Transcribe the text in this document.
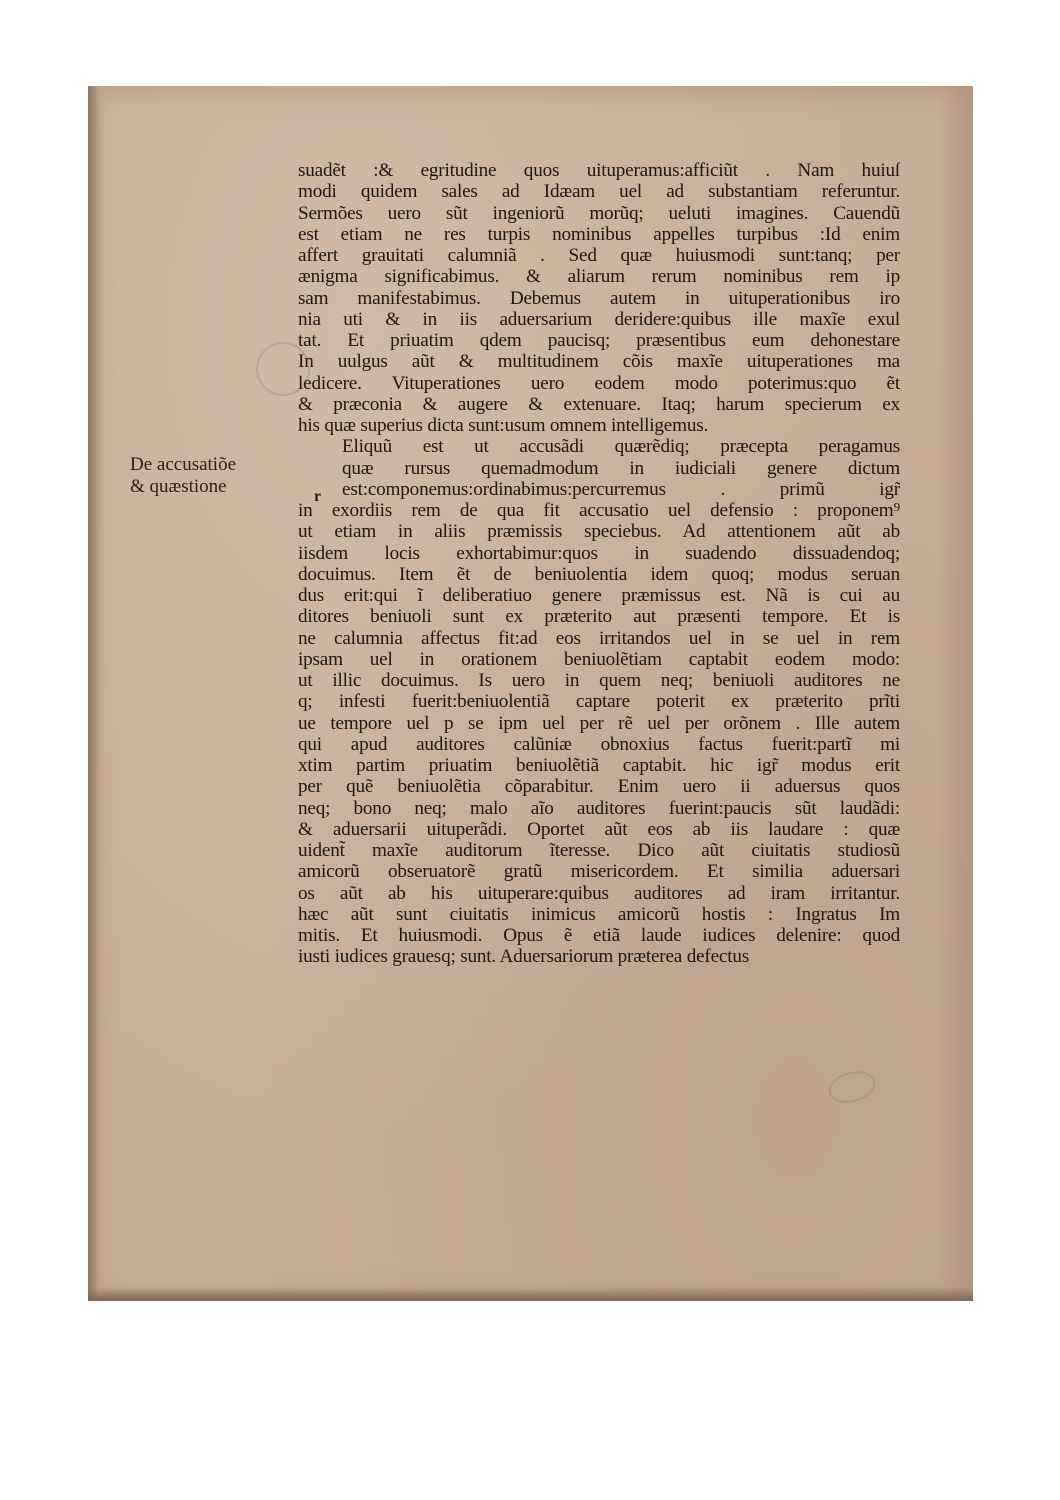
De accusatiõe
& quæstione	r
suadẽt :& egritudine quos uituperamus:afficiũt . Nam huiuſ
modi quidem sales ad Idæam uel ad substantiam referuntur.
Sermões uero sũt ingeniorũ morũq; ueluti imagines. Cauendũ
est etiam ne res turpis nominibus appelles turpibus :Id enim
affert grauitati calumniã . Sed quæ huiusmodi sunt:tanq; per
ænigma significabimus. & aliarum rerum nominibus rem ip
sam manifestabimus. Debemus autem in uituperationibus iro
nia uti & in iis aduersarium deridere:quibus ille maxĩe exul
tat. Et priuatim qdem paucisq; præsentibus eum dehonestare
In uulgus aũt & multitudinem cõis maxĩe uituperationes ma
ledicere. Vituperationes uero eodem modo poterimus:quo ẽt
& præconia & augere & extenuare. Itaq; harum specierum ex
his quæ superius dicta sunt:usum omnem intelligemus.
Eliquũ est ut accusãdi quærẽdiq; præcepta peragamus
quæ rursus quemadmodum in iudiciali genere dictum
est:componemus:ordinabimus:percurremus . primũ igr̃
in exordiis rem de qua fit accusatio uel defensio : proponem⁹
ut etiam in aliis præmissis speciebus. Ad attentionem aũt ab
iisdem locis exhortabimur:quos in suadendo dissuadendoq;
docuimus. Item ẽt de beniuolentia idem quoq; modus seruan
dus erit:qui ĩ deliberatiuo genere præmissus est. Nã is cui au
ditores beniuoli sunt ex præterito aut præsenti tempore. Et is
ne calumnia affectus fit:ad eos irritandos uel in se uel in rem
ipsam uel in orationem beniuolẽtiam captabit eodem modo:
ut illic docuimus. Is uero in quem neq; beniuoli auditores ne
q; infesti fuerit:beniuolentiã captare poterit ex præterito prĩti
ue tempore uel p se ipm uel per rẽ uel per orõnem . Ille autem
qui apud auditores calũniæ obnoxius factus fuerit:partĩ mi
xtim partim priuatim beniuolẽtiã captabit. hic igr̃ modus erit
per quẽ beniuolẽtia cõparabitur. Enim uero ii aduersus quos
neq; bono neq; malo aĩo auditores fuerint:paucis sũt laudãdi:
& aduersarii uituperãdi. Oportet aũt eos ab iis laudare : quæ
uident̃ maxĩe auditorum ĩteresse. Dico aũt ciuitatis studiosũ
amicorũ obseruatorẽ gratũ misericordem. Et similia aduersari
os aũt ab his uituperare:quibus auditores ad iram irritantur.
hæc aũt sunt ciuitatis inimicus amicorũ hostis : Ingratus Im
mitis. Et huiusmodi. Opus ẽ etiã laude iudices delenire: quod
iusti iudices grauesq; sunt. Aduersariorum præterea defectus
